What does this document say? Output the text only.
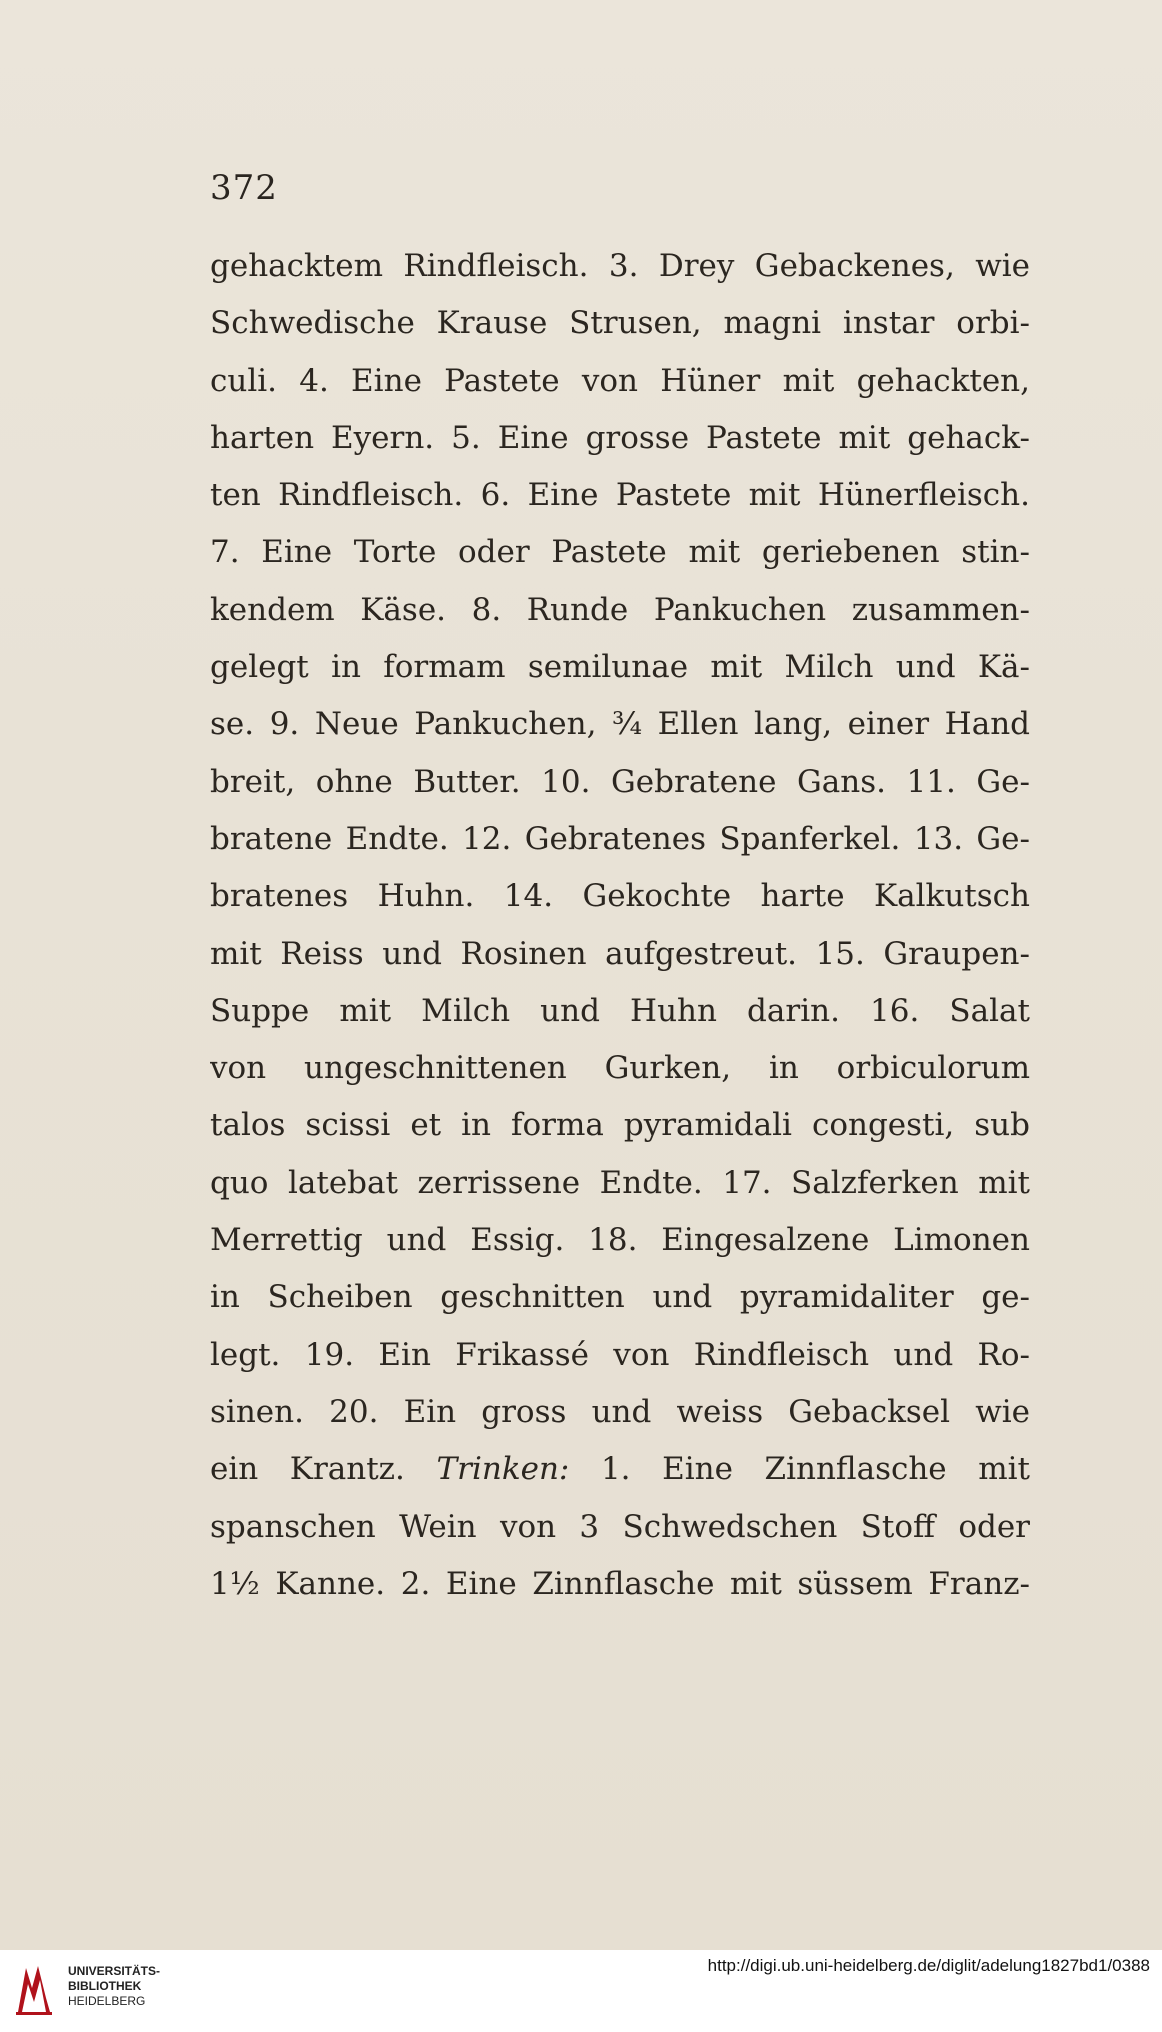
372
gehacktem Rindfleisch. 3. Drey Gebackenes, wie
Schwedische Krause Strusen, magni instar orbi-
culi. 4. Eine Pastete von Hüner mit gehackten,
harten Eyern. 5. Eine grosse Pastete mit gehack-
ten Rindfleisch. 6. Eine Pastete mit Hünerfleisch.
7. Eine Torte oder Pastete mit geriebenen stin-
kendem Käse. 8. Runde Pankuchen zusammen-
gelegt in formam semilunae mit Milch und Kä-
se. 9. Neue Pankuchen, ¾ Ellen lang, einer Hand
breit, ohne Butter. 10. Gebratene Gans. 11. Ge-
bratene Endte. 12. Gebratenes Spanferkel. 13. Ge-
bratenes Huhn. 14. Gekochte harte Kalkutsch
mit Reiss und Rosinen aufgestreut. 15. Graupen-
Suppe mit Milch und Huhn darin. 16. Salat
von ungeschnittenen Gurken, in orbiculorum
talos scissi et in forma pyramidali congesti, sub
quo latebat zerrissene Endte. 17. Salzferken mit
Merrettig und Essig. 18. Eingesalzene Limonen
in Scheiben geschnitten und pyramidaliter ge-
legt. 19. Ein Frikassé von Rindfleisch und Ro-
sinen. 20. Ein gross und weiss Gebacksel wie
ein Krantz. Trinken: 1. Eine Zinnflasche mit
spanschen Wein von 3 Schwedschen Stoff oder
1½ Kanne. 2. Eine Zinnflasche mit süssem Franz-
UNIVERSITÄTS-
BIBLIOTHEK
HEIDELBERG
http://digi.ub.uni-heidelberg.de/diglit/adelung1827bd1/0388
